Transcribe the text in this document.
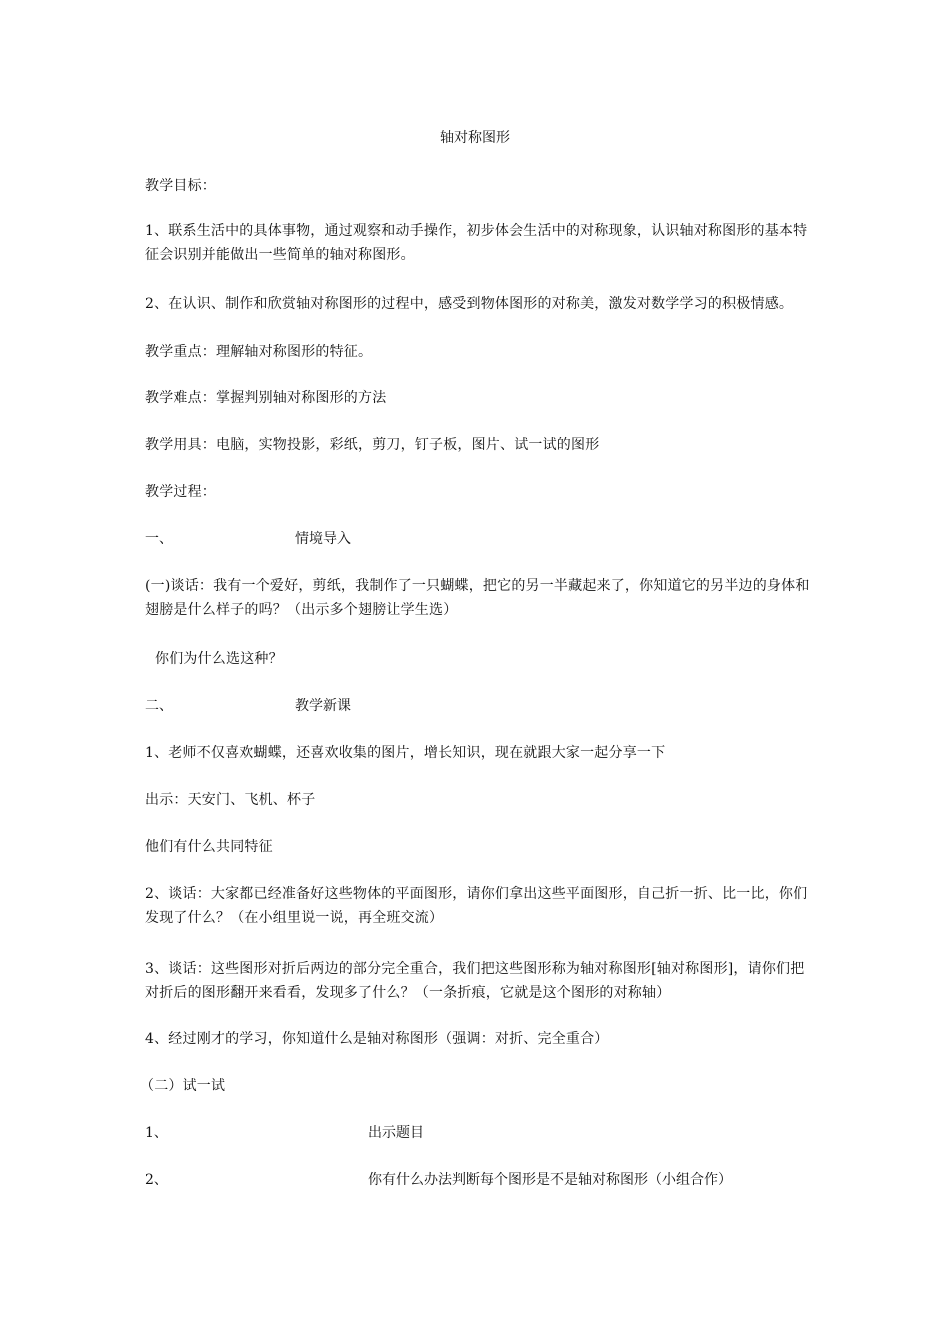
轴对称图形

教学目标：

1、联系生活中的具体事物，通过观察和动手操作，初步体会生活中的对称现象，认识轴对称图形的基本特征会识别并能做出一些简单的轴对称图形。

2、在认识、制作和欣赏轴对称图形的过程中，感受到物体图形的对称美，激发对数学学习的积极情感。

教学重点：理解轴对称图形的特征。

教学难点：掌握判别轴对称图形的方法

教学用具：电脑，实物投影，彩纸，剪刀，钉子板，图片、试一试的图形

教学过程：

一、	情境导入

(一)谈话：我有一个爱好，剪纸，我制作了一只蝴蝶，把它的另一半藏起来了，你知道它的另半边的身体和翅膀是什么样子的吗？（出示多个翅膀让学生选）

你们为什么选这种？

二、	教学新课

1、老师不仅喜欢蝴蝶，还喜欢收集的图片，增长知识，现在就跟大家一起分享一下

出示：天安门、飞机、杯子

他们有什么共同特征

2、谈话：大家都已经准备好这些物体的平面图形，请你们拿出这些平面图形，自己折一折、比一比，你们发现了什么？（在小组里说一说，再全班交流）

3、谈话：这些图形对折后两边的部分完全重合，我们把这些图形称为轴对称图形[轴对称图形]，请你们把对折后的图形翻开来看看，发现多了什么？（一条折痕，它就是这个图形的对称轴）

4、经过刚才的学习，你知道什么是轴对称图形（强调：对折、完全重合）

（二）试一试

1、	出示题目
2、	你有什么办法判断每个图形是不是轴对称图形（小组合作）
